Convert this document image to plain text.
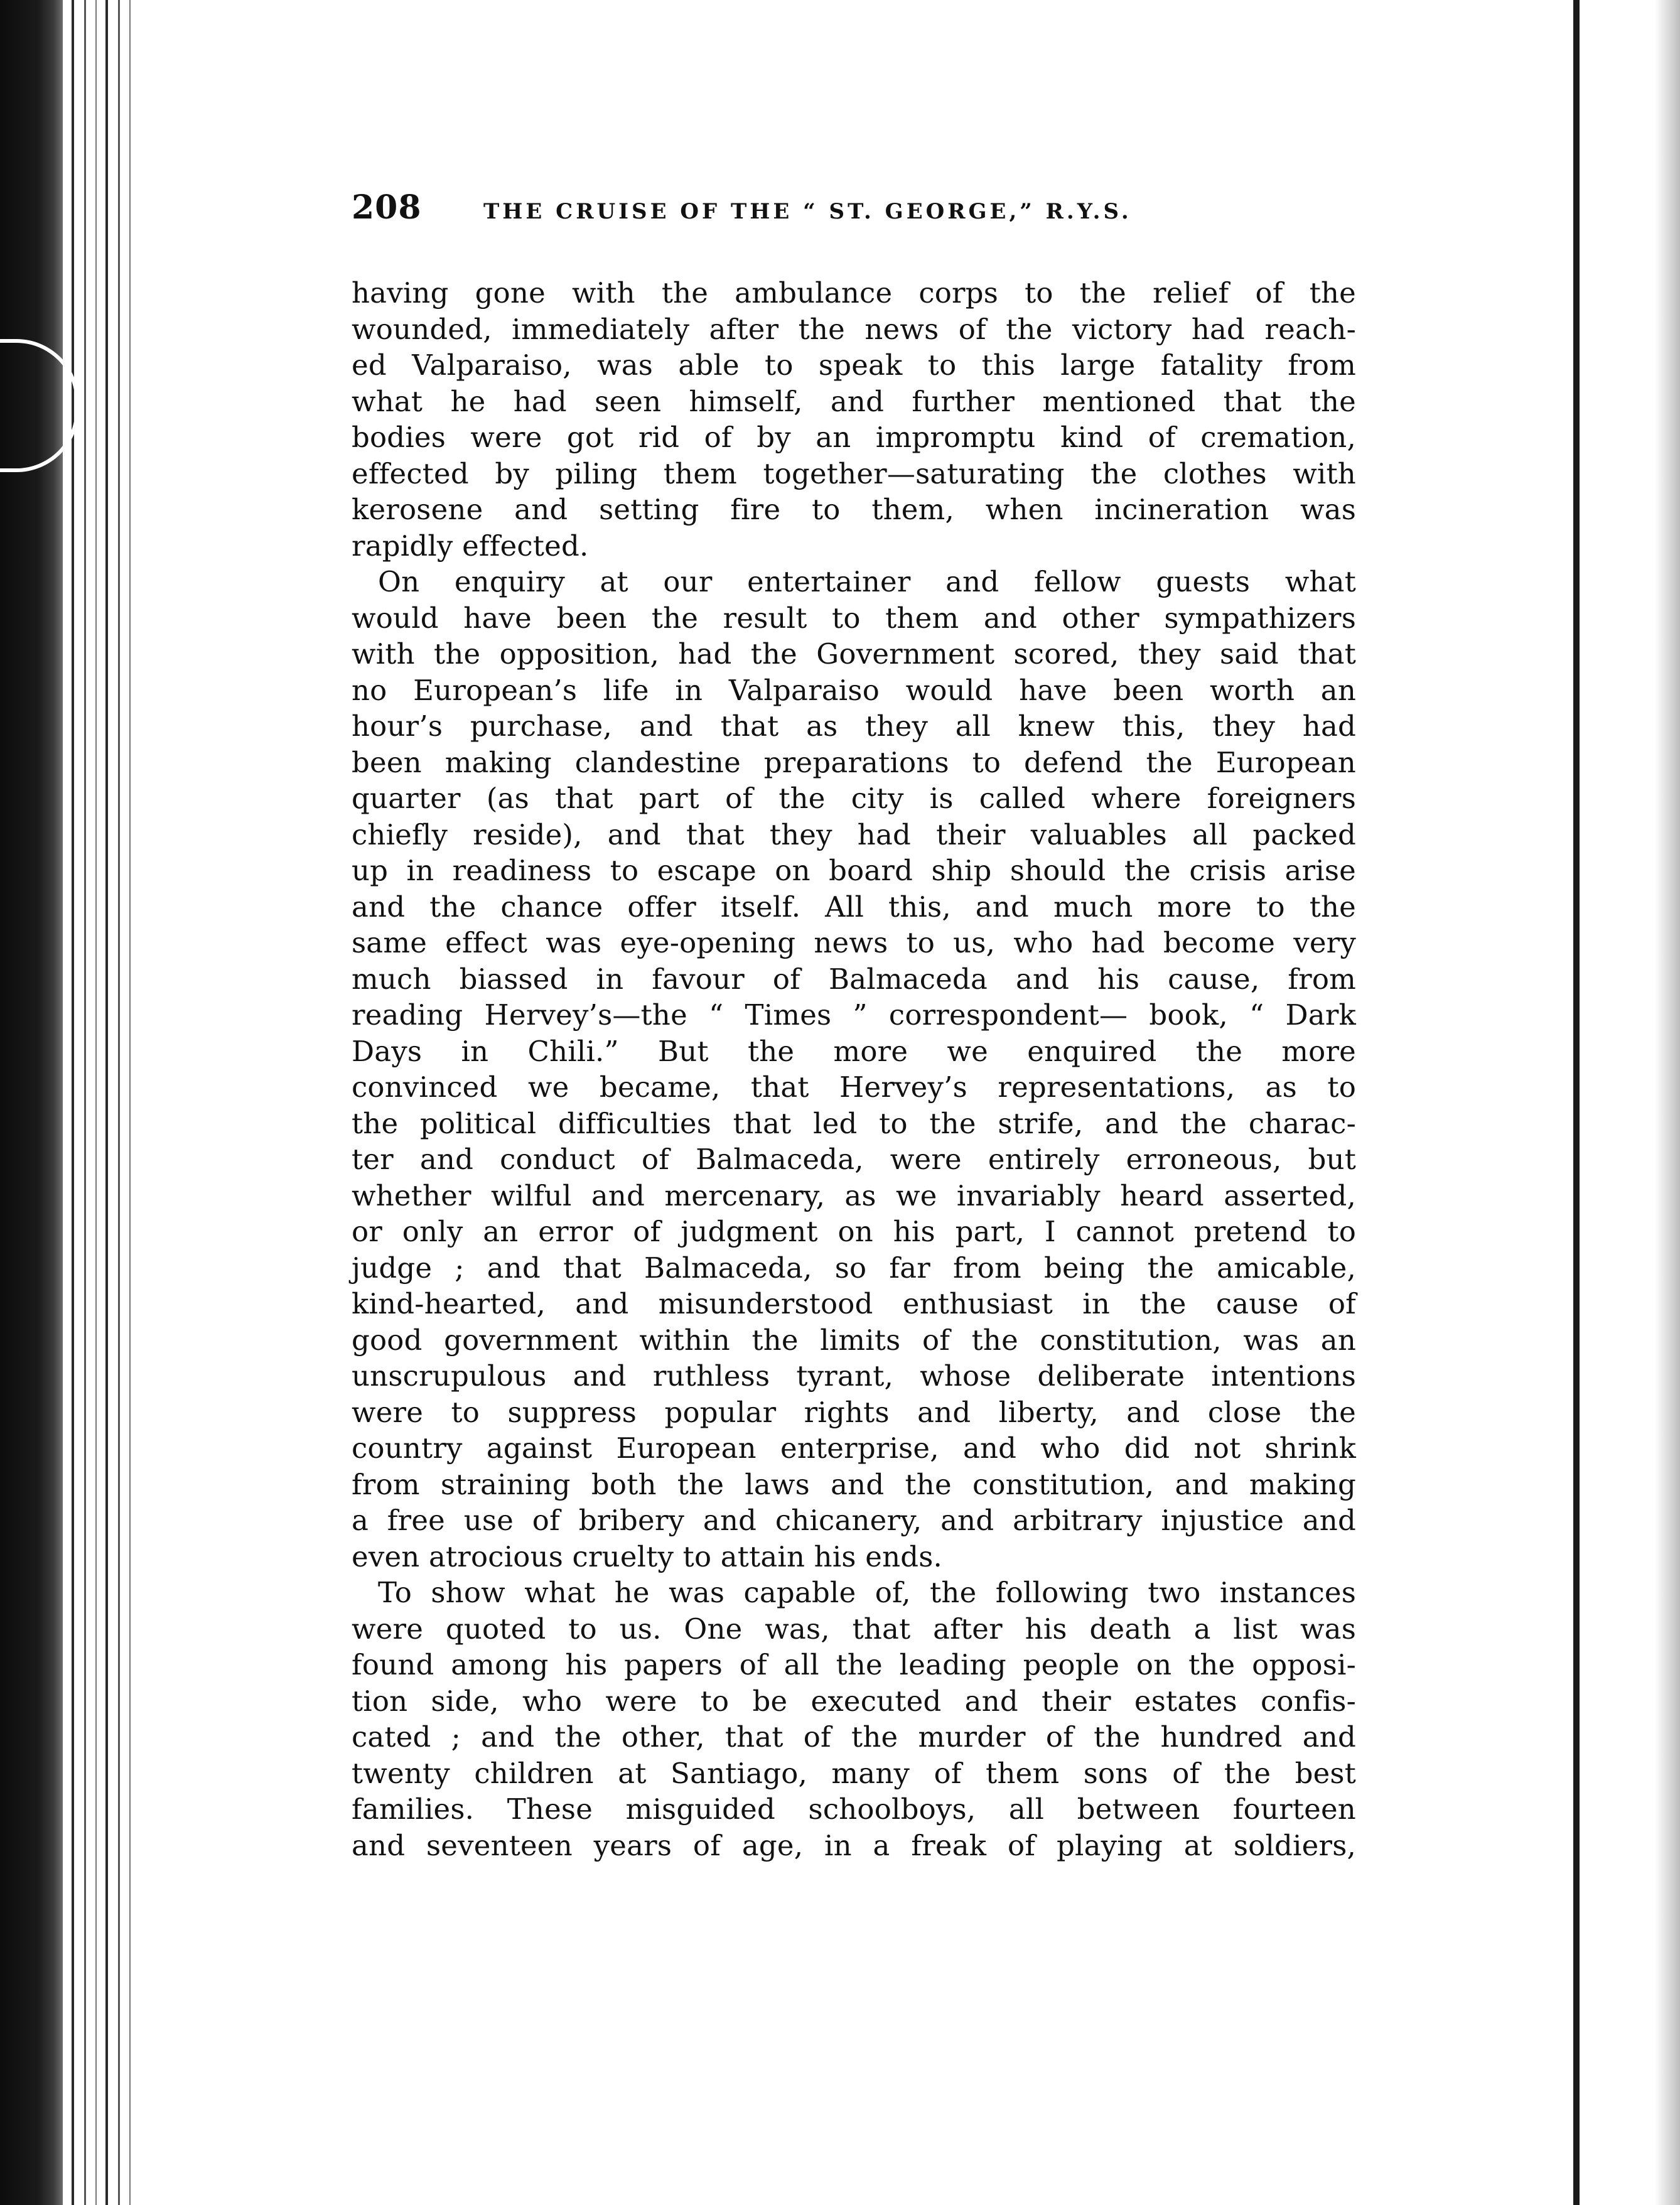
208	THE CRUISE OF THE “ ST. GEORGE,” R.Y.S.
having gone with the ambulance corps to the relief of the
wounded, immediately after the news of the victory had reach-
ed Valparaiso, was able to speak to this large fatality from
what he had seen himself, and further mentioned that the
bodies were got rid of by an impromptu kind of cremation,
effected by piling them together—saturating the clothes with
kerosene and setting fire to them, when incineration was
rapidly effected.
On enquiry at our entertainer and fellow guests what
would have been the result to them and other sympathizers
with the opposition, had the Government scored, they said that
no European’s life in Valparaiso would have been worth an
hour’s purchase, and that as they all knew this, they had
been making clandestine preparations to defend the European
quarter (as that part of the city is called where foreigners
chiefly reside), and that they had their valuables all packed
up in readiness to escape on board ship should the crisis arise
and the chance offer itself. All this, and much more to the
same effect was eye-opening news to us, who had become very
much biassed in favour of Balmaceda and his cause, from
reading Hervey’s—the “ Times ” correspondent— book, “ Dark
Days in Chili.” But the more we enquired the more
convinced we became, that Hervey’s representations, as to
the political difficulties that led to the strife, and the charac-
ter and conduct of Balmaceda, were entirely erroneous, but
whether wilful and mercenary, as we invariably heard asserted,
or only an error of judgment on his part, I cannot pretend to
judge ; and that Balmaceda, so far from being the amicable,
kind-hearted, and misunderstood enthusiast in the cause of
good government within the limits of the constitution, was an
unscrupulous and ruthless tyrant, whose deliberate intentions
were to suppress popular rights and liberty, and close the
country against European enterprise, and who did not shrink
from straining both the laws and the constitution, and making
a free use of bribery and chicanery, and arbitrary injustice and
even atrocious cruelty to attain his ends.
To show what he was capable of, the following two instances
were quoted to us. One was, that after his death a list was
found among his papers of all the leading people on the opposi-
tion side, who were to be executed and their estates confis-
cated ; and the other, that of the murder of the hundred and
twenty children at Santiago, many of them sons of the best
families. These misguided schoolboys, all between fourteen
and seventeen years of age, in a freak of playing at soldiers,
